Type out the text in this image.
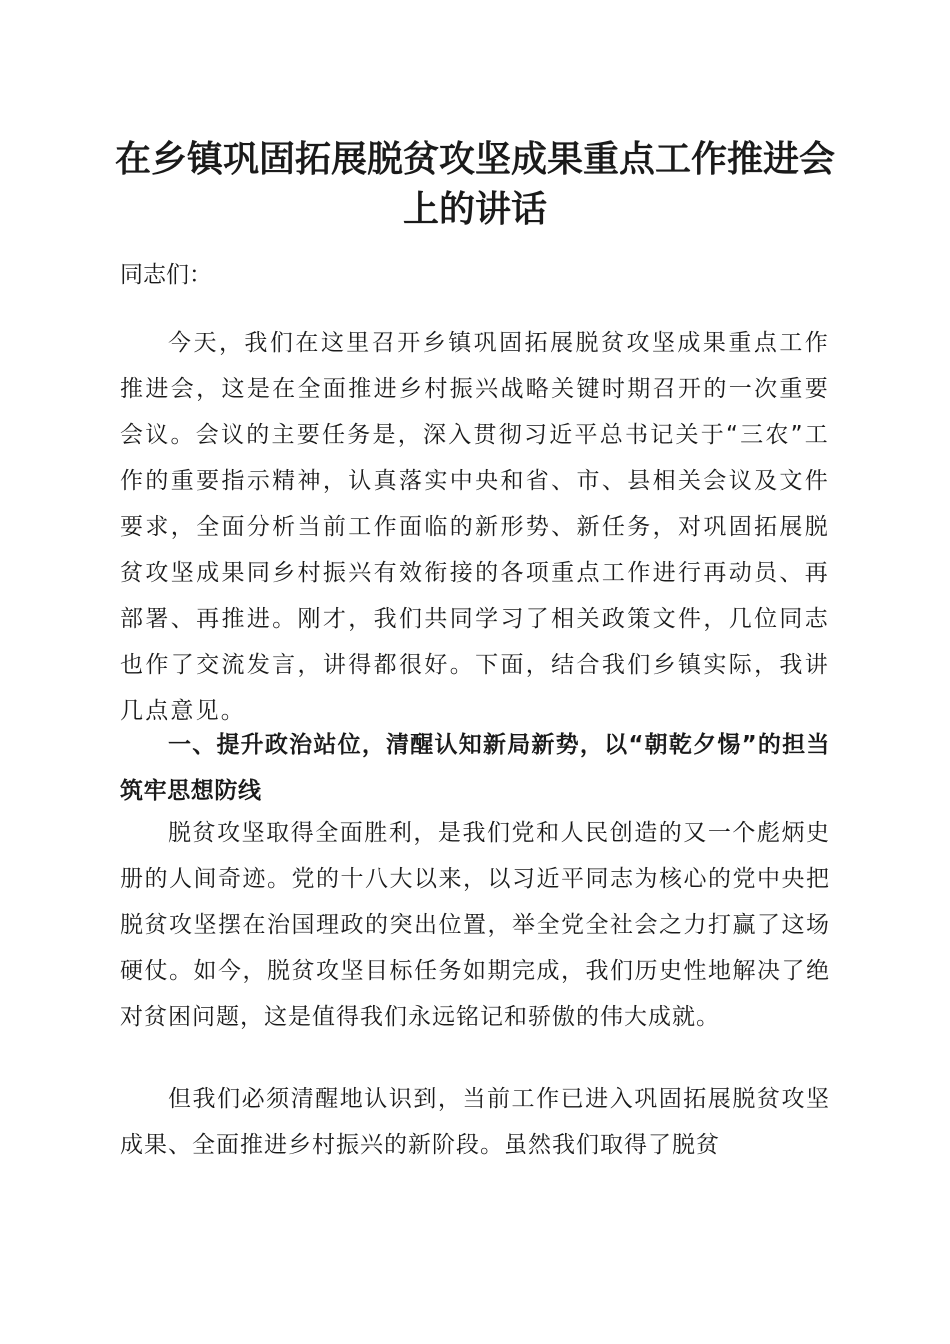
在乡镇巩固拓展脱贫攻坚成果重点工作推进会
上的讲话
同志们：
今天，我们在这里召开乡镇巩固拓展脱贫攻坚成果重点工作推进会，这是在全面推进乡村振兴战略关键时期召开的一次重要会议。会议的主要任务是，深入贯彻习近平总书记关于“三农”工作的重要指示精神，认真落实中央和省、市、县相关会议及文件要求，全面分析当前工作面临的新形势、新任务，对巩固拓展脱贫攻坚成果同乡村振兴有效衔接的各项重点工作进行再动员、再部署、再推进。刚才，我们共同学习了相关政策文件，几位同志也作了交流发言，讲得都很好。下面，结合我们乡镇实际，我讲几点意见。
一、提升政治站位，清醒认知新局新势，以“朝乾夕惕”的担当筑牢思想防线
脱贫攻坚取得全面胜利，是我们党和人民创造的又一个彪炳史册的人间奇迹。党的十八大以来，以习近平同志为核心的党中央把脱贫攻坚摆在治国理政的突出位置，举全党全社会之力打赢了这场硬仗。如今，脱贫攻坚目标任务如期完成，我们历史性地解决了绝对贫困问题，这是值得我们永远铭记和骄傲的伟大成就。
但我们必须清醒地认识到，当前工作已进入巩固拓展脱贫攻坚成果、全面推进乡村振兴的新阶段。虽然我们取得了脱贫
